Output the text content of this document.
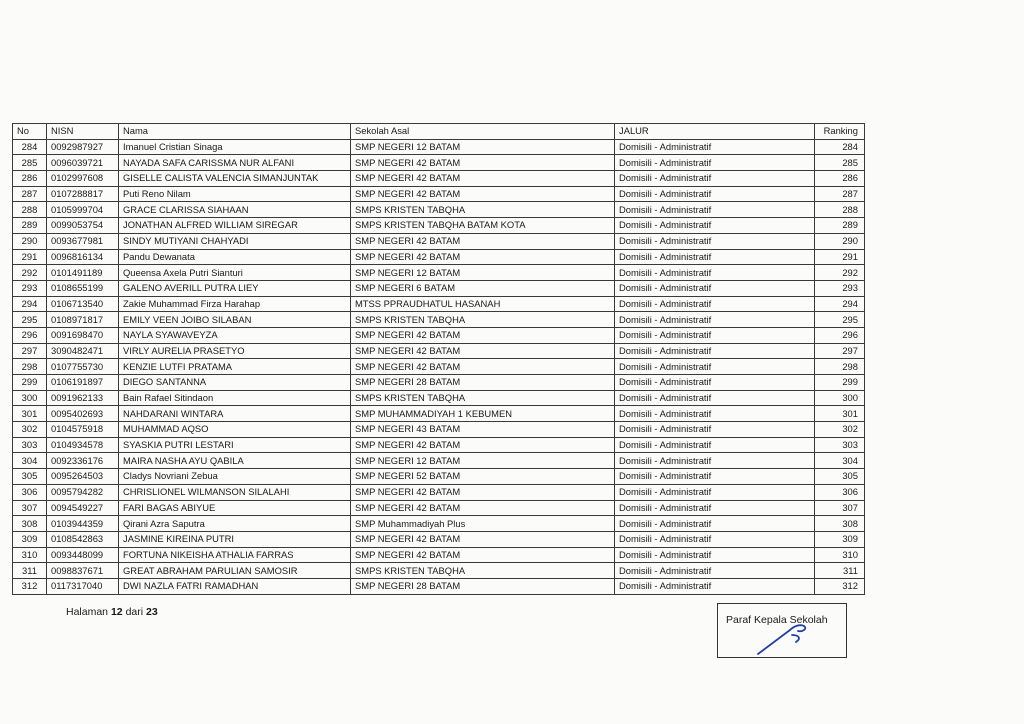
No	NISN	Nama	Sekolah Asal	JALUR	Ranking
284	0092987927	Imanuel Cristian Sinaga	SMP NEGERI 12 BATAM	Domisili - Administratif	284
285	0096039721	NAYADA SAFA CARISSMA NUR ALFANI	SMP NEGERI 42 BATAM	Domisili - Administratif	285
286	0102997608	GISELLE CALISTA VALENCIA SIMANJUNTAK	SMP NEGERI 42 BATAM	Domisili - Administratif	286
287	0107288817	Puti Reno Nilam	SMP NEGERI 42 BATAM	Domisili - Administratif	287
288	0105999704	GRACE CLARISSA SIAHAAN	SMPS KRISTEN TABQHA	Domisili - Administratif	288
289	0099053754	JONATHAN ALFRED WILLIAM SIREGAR	SMPS KRISTEN TABQHA BATAM KOTA	Domisili - Administratif	289
290	0093677981	SINDY MUTIYANI CHAHYADI	SMP NEGERI 42 BATAM	Domisili - Administratif	290
291	0096816134	Pandu Dewanata	SMP NEGERI 42 BATAM	Domisili - Administratif	291
292	0101491189	Queensa Axela Putri Sianturi	SMP NEGERI 12 BATAM	Domisili - Administratif	292
293	0108655199	GALENO AVERILL PUTRA LIEY	SMP NEGERI 6 BATAM	Domisili - Administratif	293
294	0106713540	Zakie Muhammad Firza Harahap	MTSS PPRAUDHATUL HASANAH	Domisili - Administratif	294
295	0108971817	EMILY VEEN JOIBO SILABAN	SMPS KRISTEN TABQHA	Domisili - Administratif	295
296	0091698470	NAYLA SYAWAVEYZA	SMP NEGERI 42 BATAM	Domisili - Administratif	296
297	3090482471	VIRLY AURELIA PRASETYO	SMP NEGERI 42 BATAM	Domisili - Administratif	297
298	0107755730	KENZIE LUTFI PRATAMA	SMP NEGERI 42 BATAM	Domisili - Administratif	298
299	0106191897	DIEGO SANTANNA	SMP NEGERI 28 BATAM	Domisili - Administratif	299
300	0091962133	Bain Rafael Sitindaon	SMPS KRISTEN TABQHA	Domisili - Administratif	300
301	0095402693	NAHDARANI WINTARA	SMP MUHAMMADIYAH 1 KEBUMEN	Domisili - Administratif	301
302	0104575918	MUHAMMAD AQSO	SMP NEGERI 43 BATAM	Domisili - Administratif	302
303	0104934578	SYASKIA PUTRI LESTARI	SMP NEGERI 42 BATAM	Domisili - Administratif	303
304	0092336176	MAIRA NASHA AYU QABILA	SMP NEGERI 12 BATAM	Domisili - Administratif	304
305	0095264503	Cladys Novriani Zebua	SMP NEGERI 52 BATAM	Domisili - Administratif	305
306	0095794282	CHRISLIONEL WILMANSON SILALAHI	SMP NEGERI 42 BATAM	Domisili - Administratif	306
307	0094549227	FARI BAGAS ABIYUE	SMP NEGERI 42 BATAM	Domisili - Administratif	307
308	0103944359	Qirani Azra Saputra	SMP Muhammadiyah Plus	Domisili - Administratif	308
309	0108542863	JASMINE KIREINA PUTRI	SMP NEGERI 42 BATAM	Domisili - Administratif	309
310	0093448099	FORTUNA NIKEISHA ATHALIA FARRAS	SMP NEGERI 42 BATAM	Domisili - Administratif	310
311	0098837671	GREAT ABRAHAM PARULIAN SAMOSIR	SMPS KRISTEN TABQHA	Domisili - Administratif	311
312	0117317040	DWI NAZLA FATRI RAMADHAN	SMP NEGERI 28 BATAM	Domisili - Administratif	312
Halaman 12 dari 23
Paraf Kepala Sekolah
